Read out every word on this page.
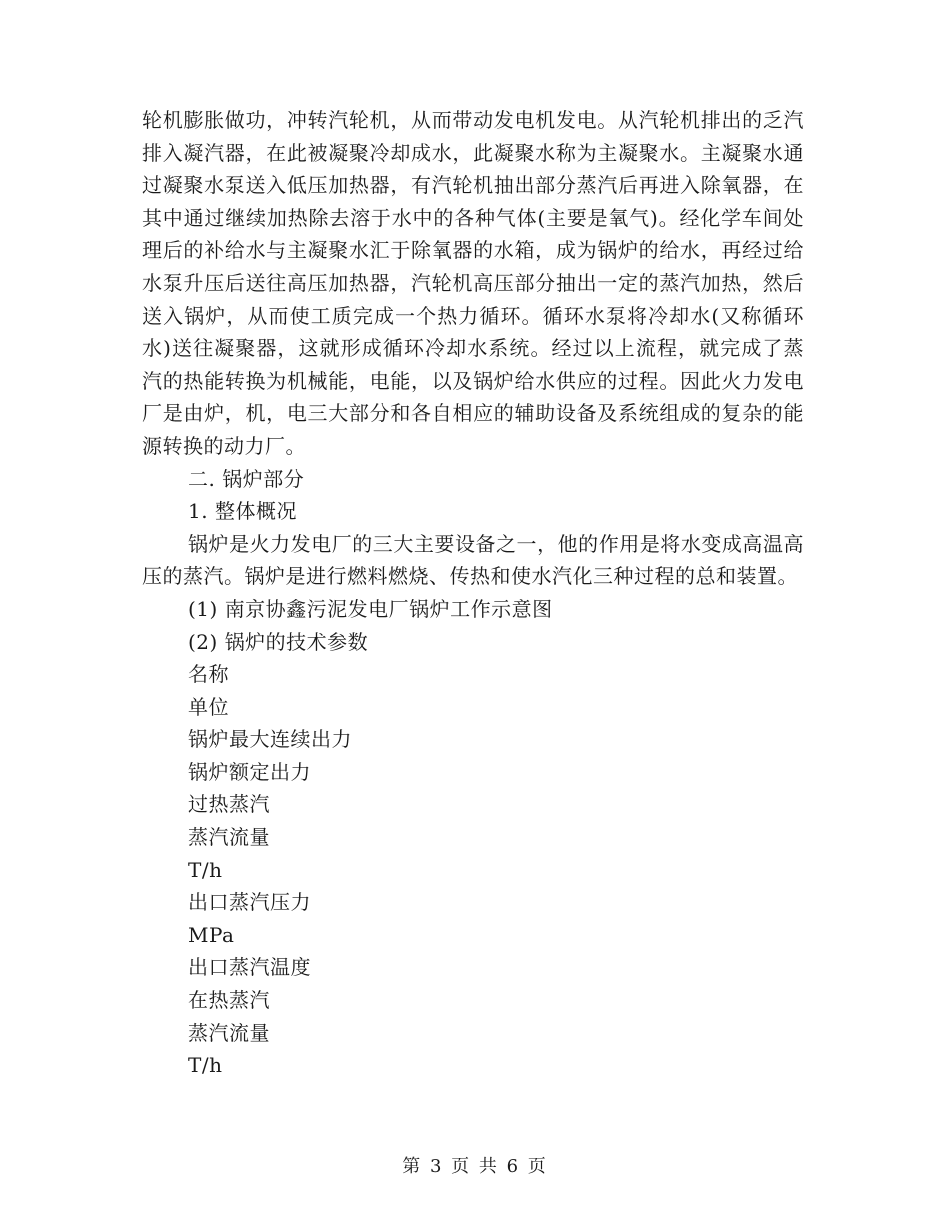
轮机膨胀做功，冲转汽轮机，从而带动发电机发电。从汽轮机排出的乏汽排入凝汽器，在此被凝聚冷却成水，此凝聚水称为主凝聚水。主凝聚水通过凝聚水泵送入低压加热器，有汽轮机抽出部分蒸汽后再进入除氧器，在其中通过继续加热除去溶于水中的各种气体(主要是氧气)。经化学车间处理后的补给水与主凝聚水汇于除氧器的水箱，成为锅炉的给水，再经过给水泵升压后送往高压加热器，汽轮机高压部分抽出一定的蒸汽加热，然后送入锅炉，从而使工质完成一个热力循环。循环水泵将冷却水(又称循环水)送往凝聚器，这就形成循环冷却水系统。经过以上流程，就完成了蒸汽的热能转换为机械能，电能，以及锅炉给水供应的过程。因此火力发电厂是由炉，机，电三大部分和各自相应的辅助设备及系统组成的复杂的能源转换的动力厂。

二. 锅炉部分

1. 整体概况

锅炉是火力发电厂的三大主要设备之一，他的作用是将水变成高温高压的蒸汽。锅炉是进行燃料燃烧、传热和使水汽化三种过程的总和装置。

(1) 南京协鑫污泥发电厂锅炉工作示意图

(2) 锅炉的技术参数

名称

单位

锅炉最大连续出力

锅炉额定出力

过热蒸汽

蒸汽流量

T/h

出口蒸汽压力

MPa

出口蒸汽温度

在热蒸汽

蒸汽流量

T/h

第 3 页 共 6 页
